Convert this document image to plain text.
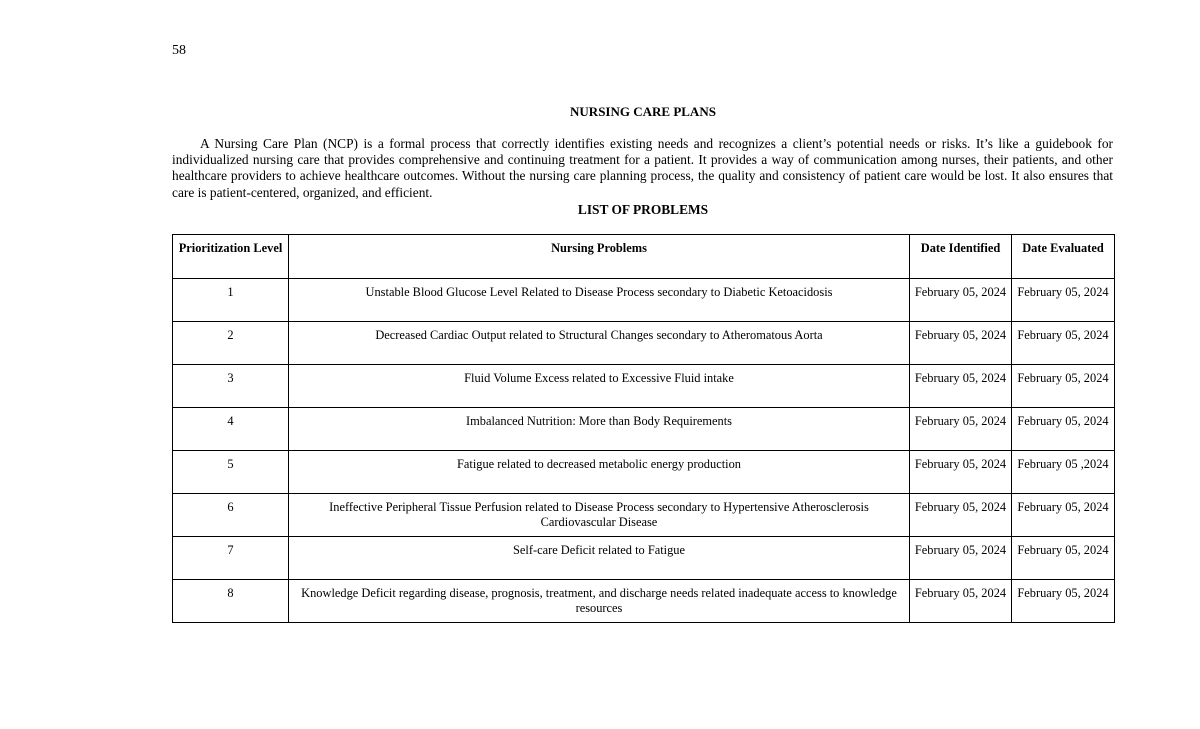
58
NURSING CARE PLANS

A Nursing Care Plan (NCP) is a formal process that correctly identifies existing needs and recognizes a client’s potential needs or risks. It’s like a guidebook for individualized nursing care that provides comprehensive and continuing treatment for a patient. It provides a way of communication among nurses, their patients, and other healthcare providers to achieve healthcare outcomes. Without the nursing care planning process, the quality and consistency of patient care would be lost. It also ensures that care is patient-centered, organized, and efficient.

LIST OF PROBLEMS
Prioritization Level	Nursing Problems	Date Identified	Date Evaluated
1	Unstable Blood Glucose Level Related to Disease Process secondary to Diabetic Ketoacidosis	February 05, 2024	February 05, 2024
2	Decreased Cardiac Output related to Structural Changes secondary to Atheromatous Aorta	February 05, 2024	February 05, 2024
3	Fluid Volume Excess related to Excessive Fluid intake	February 05, 2024	February 05, 2024
4	Imbalanced Nutrition: More than Body Requirements	February 05, 2024	February 05, 2024
5	Fatigue related to decreased metabolic energy production	February 05, 2024	February 05 ,2024
6	Ineffective Peripheral Tissue Perfusion related to Disease Process secondary to Hypertensive Atherosclerosis Cardiovascular Disease	February 05, 2024	February 05, 2024
7	Self-care Deficit related to Fatigue	February 05, 2024	February 05, 2024
8	Knowledge Deficit regarding disease, prognosis, treatment, and discharge needs related inadequate access to knowledge resources	February 05, 2024	February 05, 2024
